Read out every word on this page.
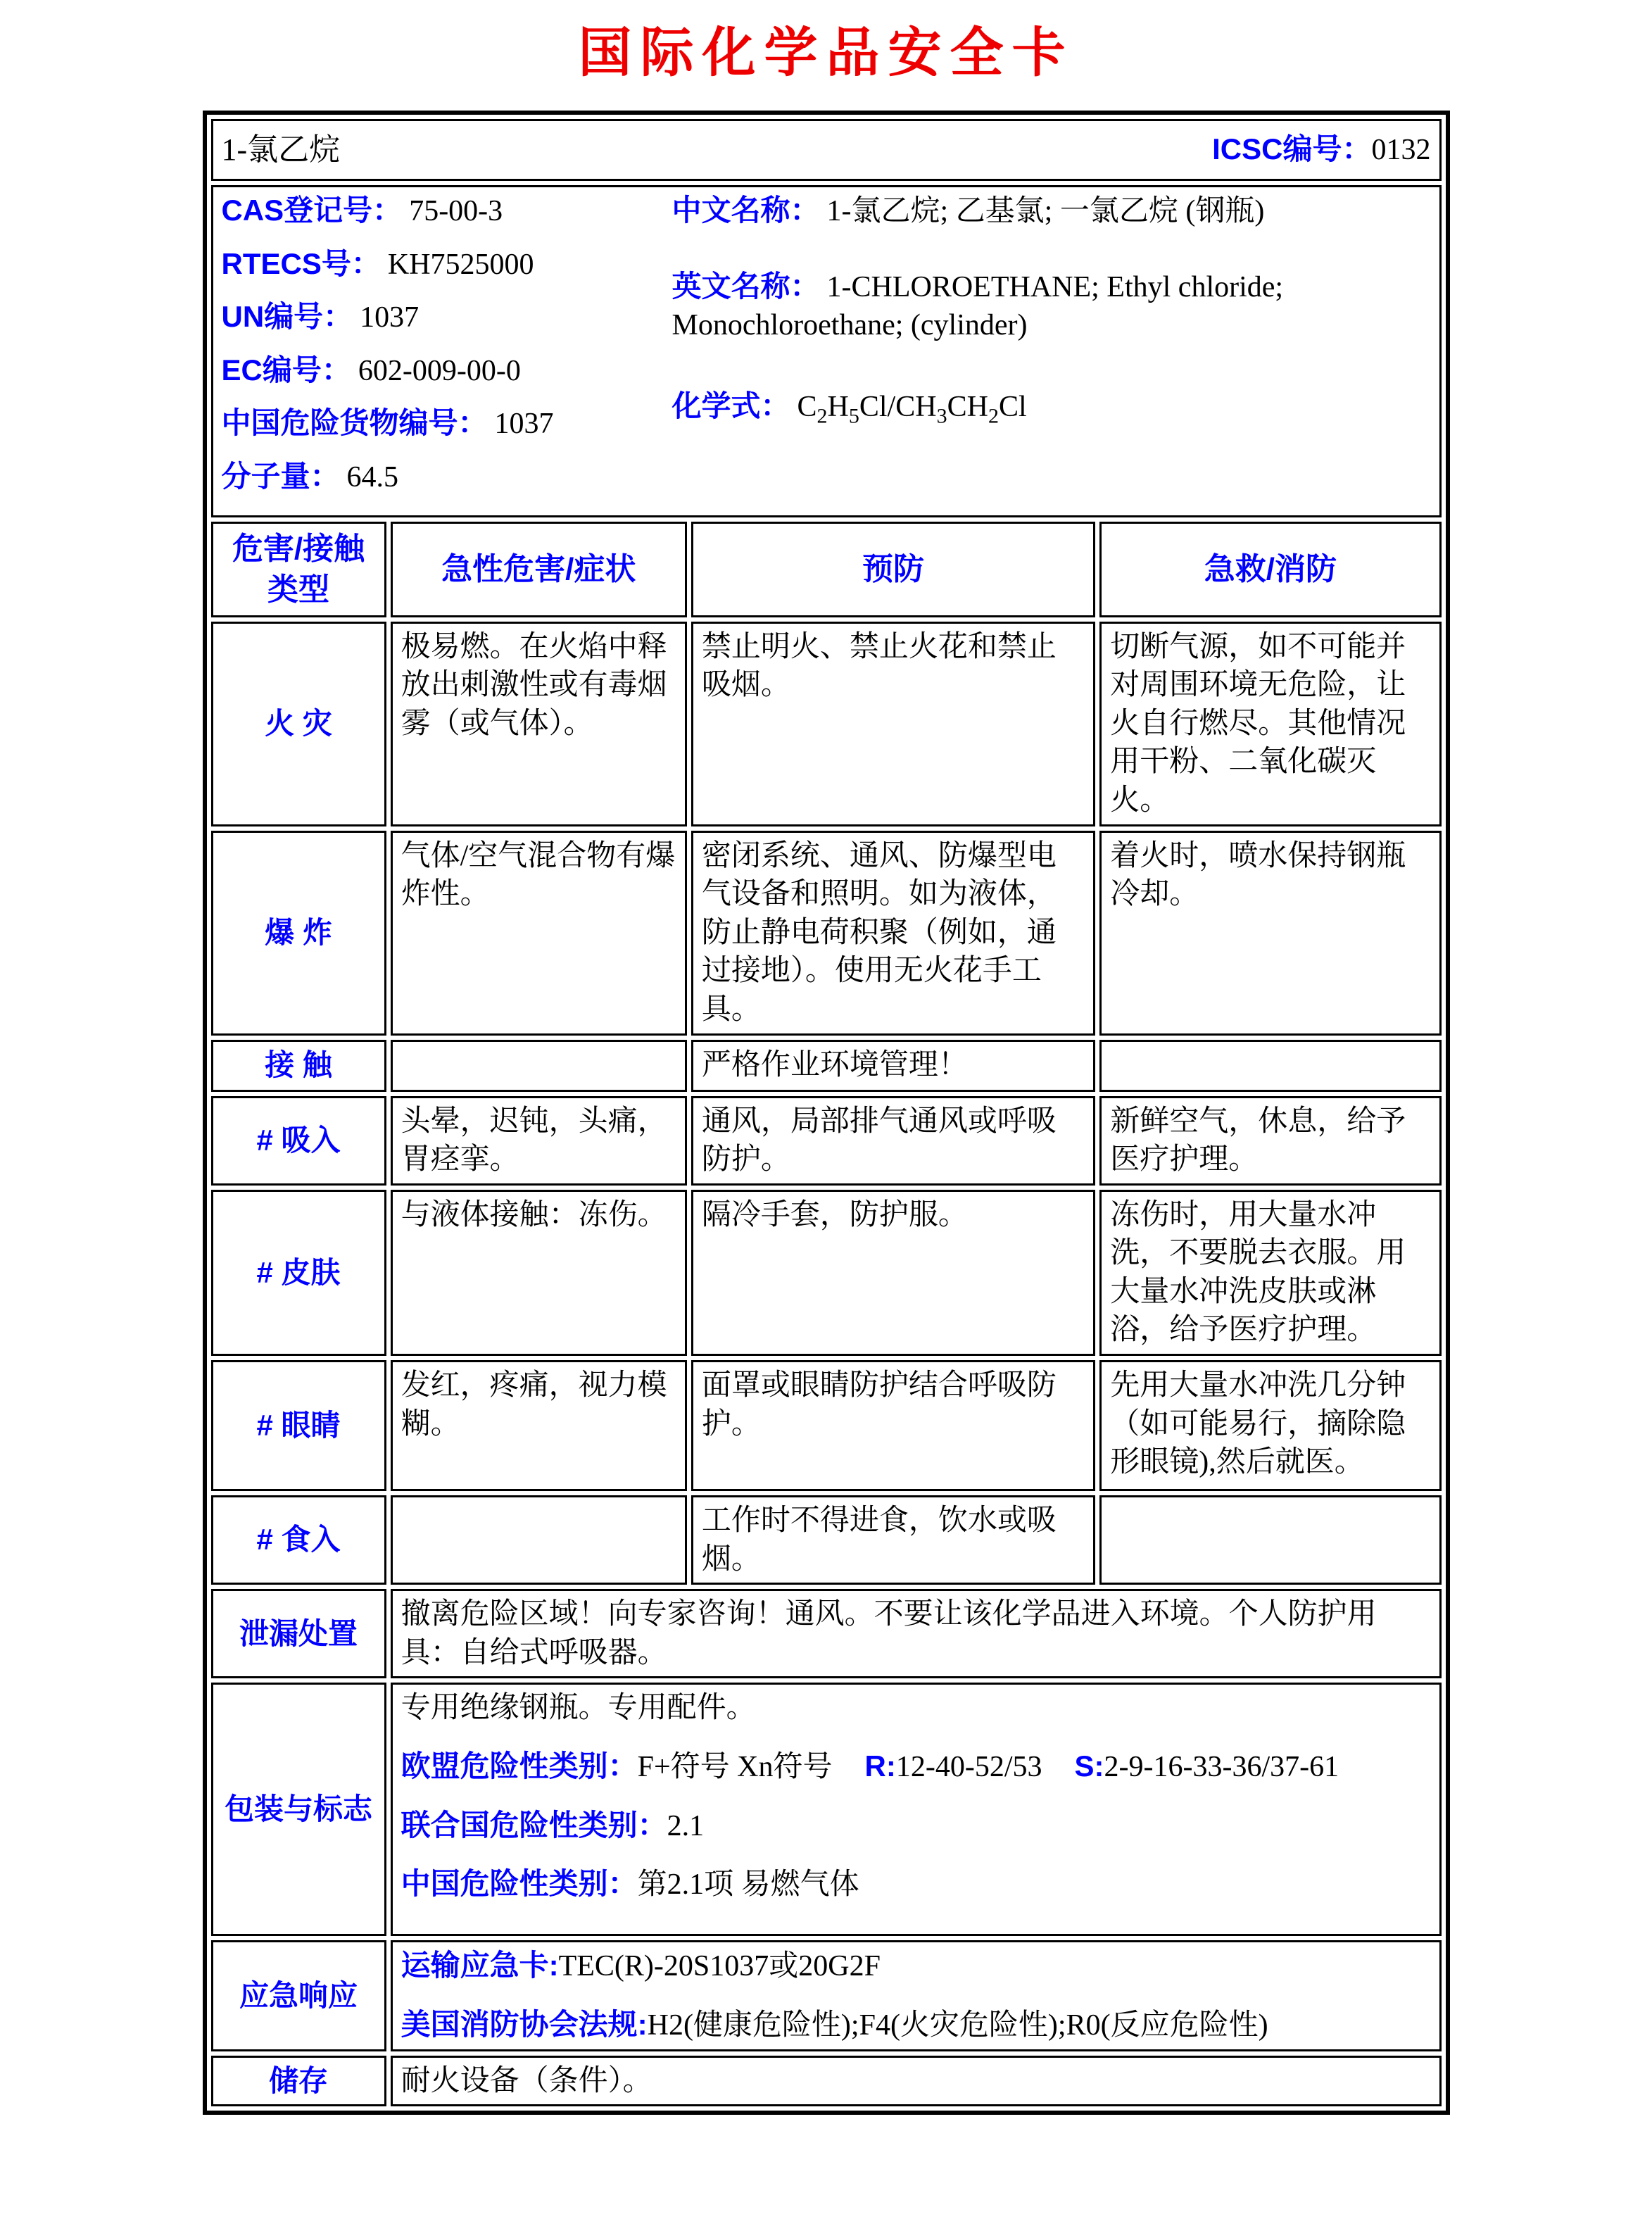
国际化学品安全卡
1-氯乙烷 ICSC编号：0132			

CAS登记号： 75-00-3
RTECS号： KH7525000
UN编号： 1037
EC编号： 602-009-00-0
中国危险货物编号： 1037
分子量： 64.5
中文名称： 1-氯乙烷; 乙基氯; 一氯乙烷 (钢瓶)
英文名称： 1-CHLOROETHANE; Ethyl chloride; Monochloroethane; (cylinder)
化学式： $C_2H_5Cl/CH_3CH_2Cl$

危害/接触类型	急性危害/症状	预防	急救/消防
火 灾	极易燃。在火焰中释放出刺激性或有毒烟雾（或气体）。	禁止明火、禁止火花和禁止吸烟。	切断气源，如不可能并对周围环境无危险，让火自行燃尽。其他情况用干粉、二氧化碳灭火。
爆 炸	气体/空气混合物有爆炸性。	密闭系统、通风、防爆型电气设备和照明。如为液体，防止静电荷积聚（例如，通过接地）。使用无火花手工具。	着火时，喷水保持钢瓶冷却。
接 触		严格作业环境管理！	
# 吸入	头晕，迟钝，头痛，胃痉挛。	通风，局部排气通风或呼吸防护。	新鲜空气，休息，给予医疗护理。
# 皮肤	与液体接触：冻伤。	隔冷手套，防护服。	冻伤时，用大量水冲洗，不要脱去衣服。用大量水冲洗皮肤或淋浴，给予医疗护理。
# 眼睛	发红，疼痛，视力模糊。	面罩或眼睛防护结合呼吸防护。	先用大量水冲洗几分钟（如可能易行，摘除隐形眼镜),然后就医。
# 食入		工作时不得进食，饮水或吸烟。	
泄漏处置	撤离危险区域！向专家咨询！通风。不要让该化学品进入环境。个人防护用具：自给式呼吸器。		
包装与标志	专用绝缘钢瓶。专用配件。

欧盟危险性类别：F+符号 Xn符号 R:12-40-52/53 S:2-9-16-33-36/37-61

联合国危险性类别：2.1

中国危险性类别：第2.1项 易燃气体		

应急响应	运输应急卡:TEC(R)-20S1037或20G2F

美国消防协会法规:H2(健康危险性);F4(火灾危险性);R0(反应危险性)		

储存	耐火设备（条件）。		
